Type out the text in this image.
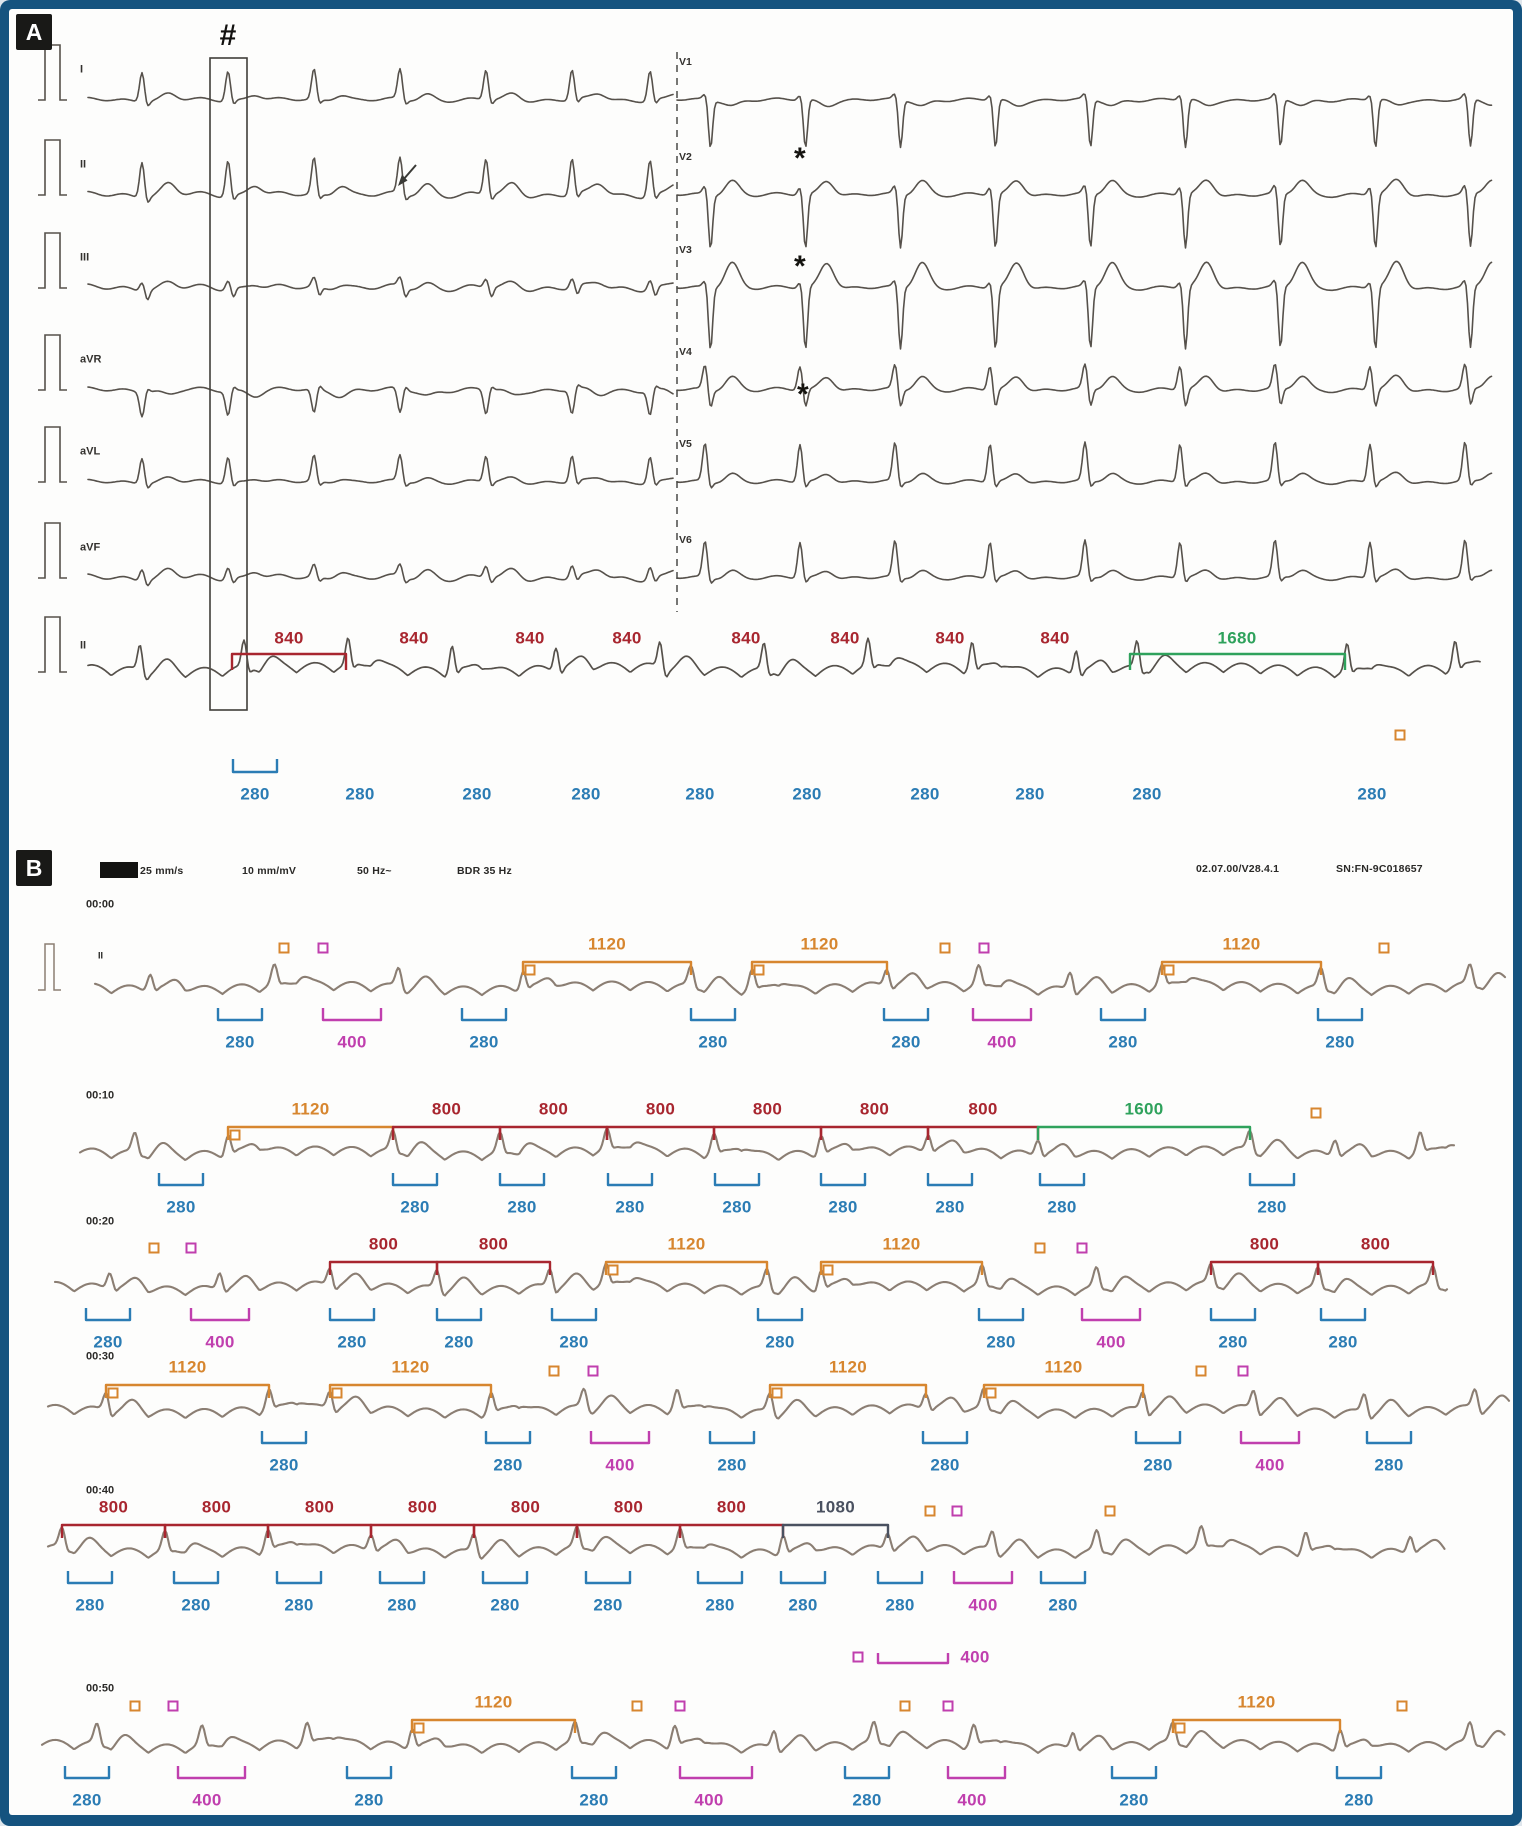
I
V1
II
V2
III
V3
aVR
V4
aVL
V5
aVF
V6
*
*
*
II	840	840	840	840	840	840	840	840	1680
280	280	280	280	280	280	280	280	280	280
00:00
II
1120	1120	1120
280	400	280	280	280	400	280	280
00:10
1120	800	800	800	800	800	800	1600
280	280	280	280	280	280	280	280	280
00:20
800	800	1120	1120	800	800
280	400	280	280	280	280	280	400	280	280
00:30
1120	1120	1120	1120
280	280	400	280	280	280	400	280
00:40
800	800	800	800	800	800	800	1080
280	280	280	280	280	280	280	280	280	400	280
00:50
1120	1120
280	400	280	280	400	280	400	280	280
400
A
B
#
25 mm/s	10 mm/mV	50 Hz~	BDR 35 Hz	02.07.00/V28.4.1	SN:FN-9C018657
